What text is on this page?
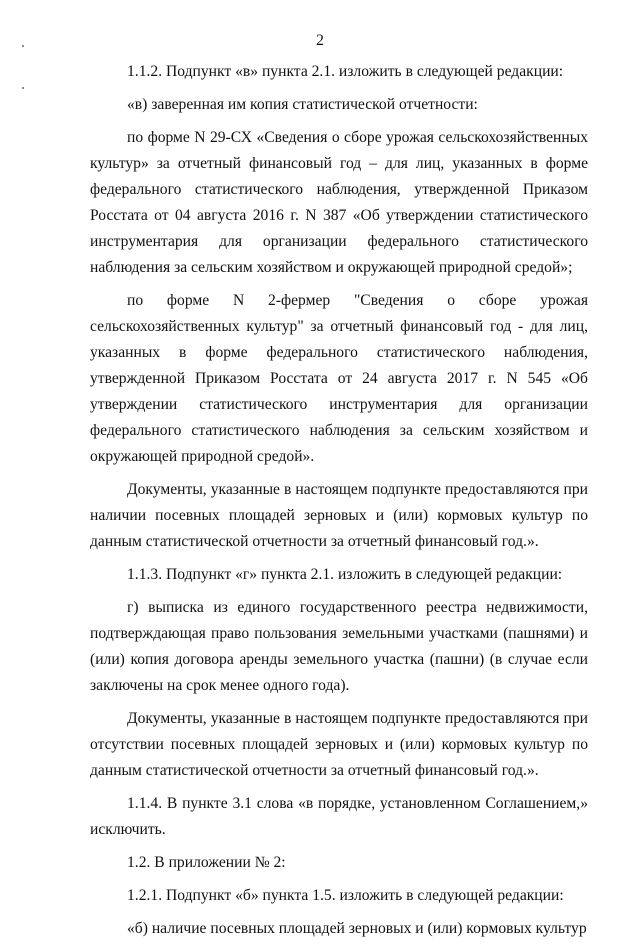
2

1.1.2. Подпункт «в» пункта 2.1. изложить в следующей редакции:

«в) заверенная им копия статистической отчетности:

по форме N 29-СХ «Сведения о сборе урожая сельскохозяйственных культур» за отчетный финансовый год – для лиц, указанных в форме федерального статистического наблюдения, утвержденной Приказом Росстата от 04 августа 2016 г. N 387 «Об утверждении статистического инструментария для организации федерального статистического наблюдения за сельским хозяйством и окружающей природной средой»;

по форме N 2-фермер "Сведения о сборе урожая сельскохозяйственных культур" за отчетный финансовый год - для лиц, указанных в форме федерального статистического наблюдения, утвержденной Приказом Росстата от 24 августа 2017 г. N 545 «Об утверждении статистического инструментария для организации федерального статистического наблюдения за сельским хозяйством и окружающей природной средой».

Документы, указанные в настоящем подпункте предоставляются при наличии посевных площадей зерновых и (или) кормовых культур по данным статистической отчетности за отчетный финансовый год.».

1.1.3. Подпункт «г» пункта 2.1. изложить в следующей редакции:

г) выписка из единого государственного реестра недвижимости, подтверждающая право пользования земельными участками (пашнями) и (или) копия договора аренды земельного участка (пашни) (в случае если заключены на срок менее одного года).

Документы, указанные в настоящем подпункте предоставляются при отсутствии посевных площадей зерновых и (или) кормовых культур по данным статистической отчетности за отчетный финансовый год.».

1.1.4. В пункте 3.1 слова «в порядке, установленном Соглашением,» исключить.

1.2. В приложении № 2:

1.2.1. Подпункт «б» пункта 1.5. изложить в следующей редакции:

«б) наличие посевных площадей зерновых и (или) кормовых культур
